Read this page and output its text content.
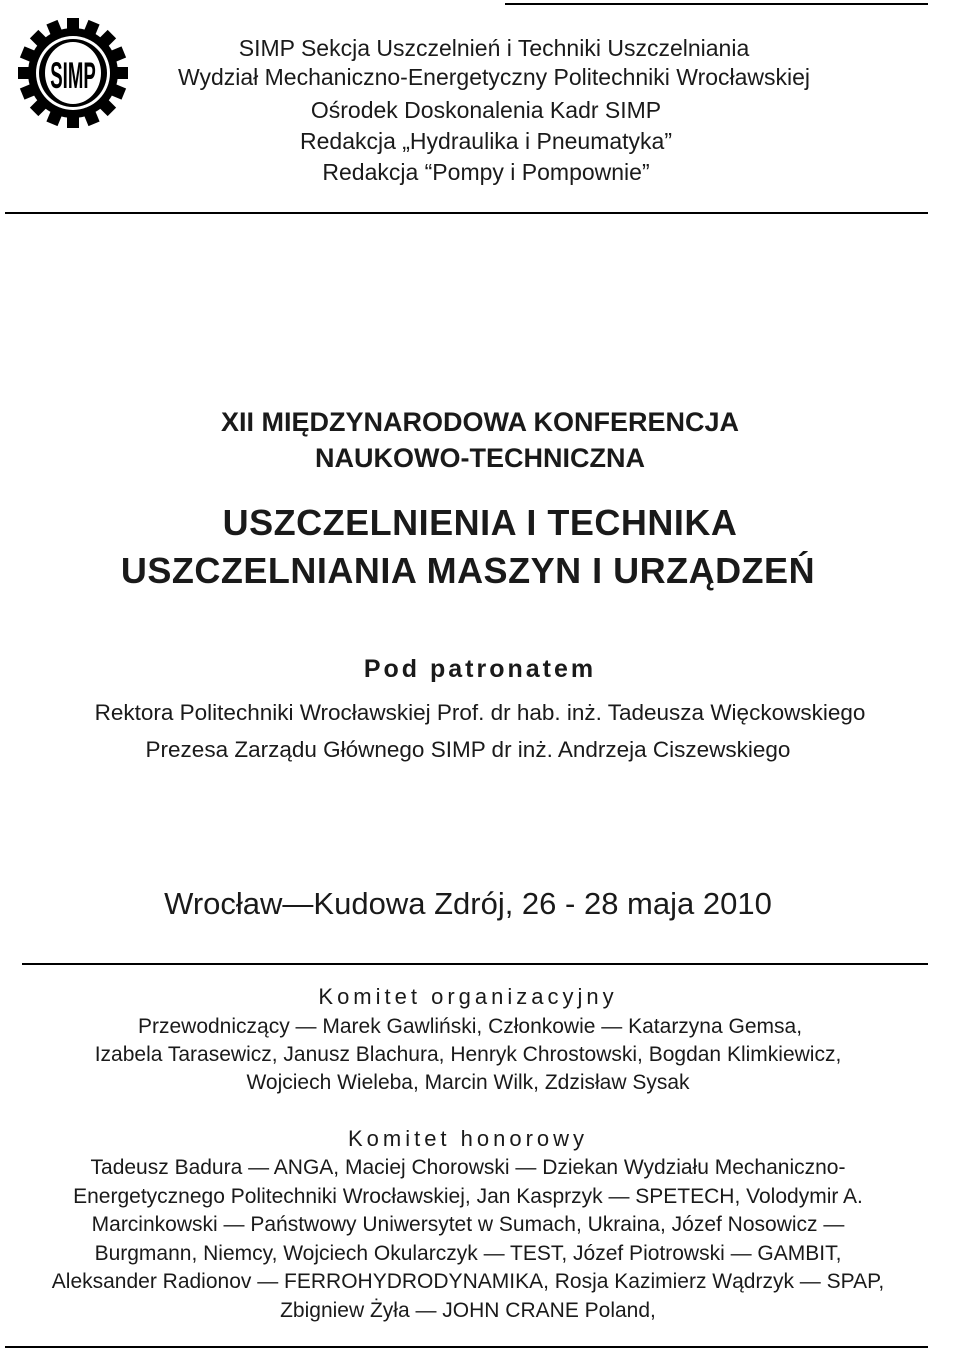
SIMP
SIMP Sekcja Uszczelnień i Techniki Uszczelniania
Wydział Mechaniczno-Energetyczny Politechniki Wrocławskiej
Ośrodek Doskonalenia Kadr SIMP
Redakcja „Hydraulika i Pneumatyka”
Redakcja “Pompy i Pompownie”
XII MIĘDZYNARODOWA KONFERENCJA
NAUKOWO-TECHNICZNA
USZCZELNIENIA I TECHNIKA
USZCZELNIANIA MASZYN I URZĄDZEŃ
Pod patronatem
Rektora Politechniki Wrocławskiej Prof. dr hab. inż. Tadeusza Więckowskiego
Prezesa Zarządu Głównego SIMP dr inż. Andrzeja Ciszewskiego
Wrocław—Kudowa Zdrój, 26 - 28 maja 2010
Komitet organizacyjny
Przewodniczący — Marek Gawliński, Członkowie — Katarzyna Gemsa,
Izabela Tarasewicz, Janusz Blachura, Henryk Chrostowski, Bogdan Klimkiewicz,
Wojciech Wieleba, Marcin Wilk, Zdzisław Sysak
Komitet honorowy
Tadeusz Badura — ANGA, Maciej Chorowski — Dziekan Wydziału Mechaniczno-
Energetycznego Politechniki Wrocławskiej, Jan Kasprzyk — SPETECH, Volodymir A.
Marcinkowski — Państwowy Uniwersytet w Sumach, Ukraina, Józef Nosowicz —
Burgmann, Niemcy, Wojciech Okularczyk — TEST, Józef Piotrowski — GAMBIT,
Aleksander Radionov — FERROHYDRODYNAMIKA, Rosja Kazimierz Wądrzyk — SPAP,
Zbigniew Żyła — JOHN CRANE Poland,
